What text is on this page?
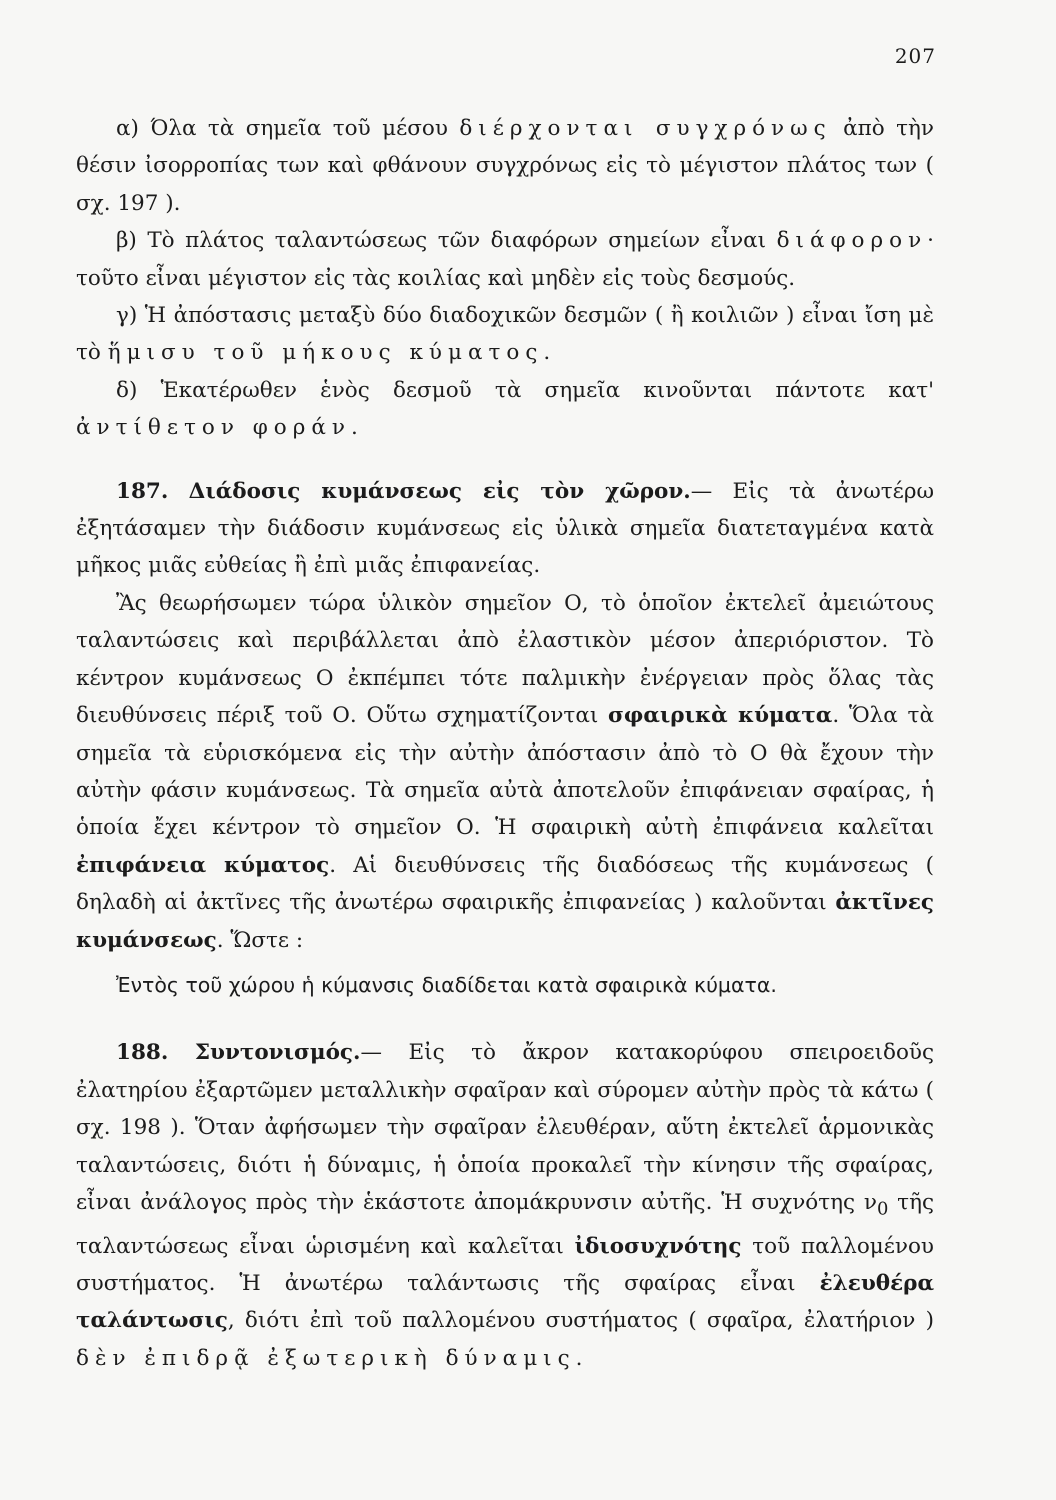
207

α) Όλα τὰ σημεῖα τοῦ μέσου διέρχονται συγχρόνως ἀπὸ τὴν θέσιν ἰσορροπίας των καὶ φθάνουν συγχρόνως εἰς τὸ μέγιστον πλάτος των ( σχ. 197 ).

β) Τὸ πλάτος ταλαντώσεως τῶν διαφόρων σημείων εἶναι διάφορον· τοῦτο εἶναι μέγιστον εἰς τὰς κοιλίας καὶ μηδὲν εἰς τοὺς δεσμούς.

γ) Ἡ ἀπόστασις μεταξὺ δύο διαδοχικῶν δεσμῶν ( ἢ κοιλιῶν ) εἶναι ἴση μὲ τὸ ἥμισυ τοῦ μήκους κύματος.

δ) Ἑκατέρωθεν ἑνὸς δεσμοῦ τὰ σημεῖα κινοῦνται πάντοτε κατ' ἀντίθετον φοράν.

187. Διάδοσις κυμάνσεως εἰς τὸν χῶρον.— Εἰς τὰ ἀνωτέρω ἐξητάσαμεν τὴν διάδοσιν κυμάνσεως εἰς ὑλικὰ σημεῖα διατεταγμένα κατὰ μῆκος μιᾶς εὐθείας ἢ ἐπὶ μιᾶς ἐπιφανείας.

Ἂς θεωρήσωμεν τώρα ὑλικὸν σημεῖον Ο, τὸ ὁποῖον ἐκτελεῖ ἀμειώτους ταλαντώσεις καὶ περιβάλλεται ἀπὸ ἐλαστικὸν μέσον ἀπεριόριστον. Τὸ κέντρον κυμάνσεως Ο ἐκπέμπει τότε παλμικὴν ἐνέργειαν πρὸς ὅλας τὰς διευθύνσεις πέριξ τοῦ Ο. Οὕτω σχηματίζονται σφαιρικὰ κύματα. Ὅλα τὰ σημεῖα τὰ εὑρισκόμενα εἰς τὴν αὐτὴν ἀπόστασιν ἀπὸ τὸ Ο θὰ ἔχουν τὴν αὐτὴν φάσιν κυμάνσεως. Τὰ σημεῖα αὐτὰ ἀποτελοῦν ἐπιφάνειαν σφαίρας, ἡ ὁποία ἔχει κέντρον τὸ σημεῖον Ο. Ἡ σφαιρικὴ αὐτὴ ἐπιφάνεια καλεῖται ἐπιφάνεια κύματος. Αἱ διευθύνσεις τῆς διαδόσεως τῆς κυμάνσεως ( δηλαδὴ αἱ ἀκτῖνες τῆς ἀνωτέρω σφαιρικῆς ἐπιφανείας ) καλοῦνται ἀκτῖνες κυμάνσεως. Ὥστε :

Ἐντὸς τοῦ χώρου ἡ κύμανσις διαδίδεται κατὰ σφαιρικὰ κύματα.

188. Συντονισμός.— Εἰς τὸ ἄκρον κατακορύφου σπειροειδοῦς ἐλατηρίου ἐξαρτῶμεν μεταλλικὴν σφαῖραν καὶ σύρομεν αὐτὴν πρὸς τὰ κάτω ( σχ. 198 ). Ὅταν ἀφήσωμεν τὴν σφαῖραν ἐλευθέραν, αὕτη ἐκτελεῖ ἁρμονικὰς ταλαντώσεις, διότι ἡ δύναμις, ἡ ὁποία προκαλεῖ τὴν κίνησιν τῆς σφαίρας, εἶναι ἀνάλογος πρὸς τὴν ἑκάστοτε ἀπομάκρυνσιν αὐτῆς. Ἡ συχνότης $\nu_0$ τῆς ταλαντώσεως εἶναι ὡρισμένη καὶ καλεῖται ἰδιοσυχνότης τοῦ παλλομένου συστήματος. Ἡ ἀνωτέρω ταλάντωσις τῆς σφαίρας εἶναι ἐλευθέρα ταλάντωσις, διότι ἐπὶ τοῦ παλλομένου συστήματος ( σφαῖρα, ἐλατήριον ) δὲν ἐπιδρᾷ ἐξωτερικὴ δύναμις.
